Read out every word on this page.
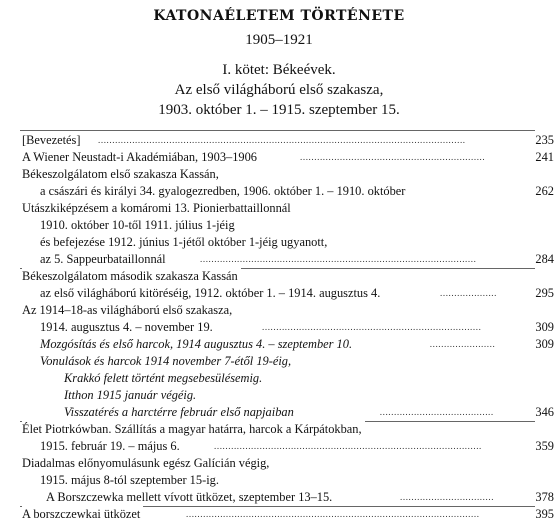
KATONAÉLETEM TÖRTÉNETE
1905–1921
I. kötet: Békeévek.
Az első világháború első szakasza,
1903. október 1. – 1915. szeptember 15.
[Bevezetés]	.................................................................................................................................	235
A Wiener Neustadt-i Akadémiában, 1903–1906	.................................................................	241
Békeszolgálatom első szakasza Kassán,
a császári és királyi 34. gyalogezredben, 1906. október 1. – 1910. október	262
Utászkiképzésem a komáromi 13. Pionierbattaillonnál
1910. október 10-től 1911. július 1-jéig
és befejezése 1912. június 1-jétől október 1-jéig ugyanott,
az 5. Sappeurbataillonnál	.................................................................................................	284
Békeszolgálatom második szakasza Kassán
az első világháború kitöréséig, 1912. október 1. – 1914. augusztus 4.	....................	295
Az 1914–18-as világháború első szakasza,
1914. augusztus 4. – november 19.	.............................................................................	309
Mozgósítás és első harcok, 1914 augusztus 4. – szeptember 10.	.......................	309
Vonulások és harcok 1914 november 7-étől 19-éig,
Krakkó felett történt megsebesülésemig.
Itthon 1915 január végéig.
Visszatérés a harctérre február első napjaiban	........................................	346
Élet Piotrkówban. Szállítás a magyar határra, harcok a Kárpátokban,
1915. február 19. – május 6.	..............................................................................................	359
Diadalmas előnyomulásunk egész Galícián végig,
1915. május 8-tól szeptember 15-ig.
A Borszczewka mellett vívott ütközet, szeptember 13–15.	.................................	378
A borszczewkai ütközet	.......................................................................................................	395
